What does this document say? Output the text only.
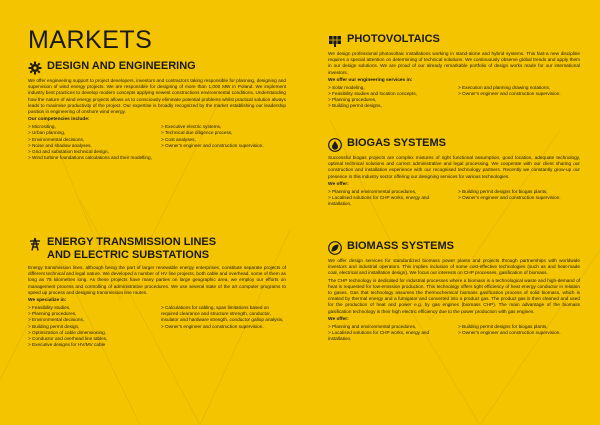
MARKETS
DESIGN AND ENGINEERING
We offer engineering support to project developers, investors and contractors taking responsible for planning, designing and supervision of wind energy projects. We are responsible for designing of more than 1,000 MW in Poland. We implement industry best practices to develop modern concepts applying newest constructions environmental conditions. Understanding how the nature of wind energy projects allows us to consciously eliminate potential problems whilst practical solution always leads to maximise productivity of the project. Our expertise is broadly recognized by the market establishing our leadership position in engineering of onshore wind energy.
Our competencies include:
> Micrositing,
> Urban planning,
> Environmental decisions,
> Noise and shadow analyses,
> Grid and substation technical design,
> Wind turbine foundations calculations and their modelling,
> Executive electric systems,
> Technical due diligence process,
> Cost analyses,
> Owner's engineer and construction supervision.
ENERGY TRANSMISSION LINES
AND ELECTRIC SUBSTATIONS
Energy transmission lines, although being the part of larger renewable energy enterprises, constitute separate projects of different technical and legal nature. We developed a number of HV line projects, both cable and overhead, some of them as long as 75 kilometres long. As these projects have many parties on large geographic area, we employ our efforts on management process and controlling of administrative procedures. We use several state of the art computer programs to speed up process and designing transmission line routes.
We specialize in:
> Feasibility studies,
> Planning procedures,
> Environmental decisions,
> Building permit design,
> Optimization of cable dimensioning,
> Conductor and overhead line tables,
> Executive designs for HV/MV cable
> Calculations for cabling, span limitations based on required clearance and structure strength, conductor, insulator and hardware strength, conductor gallop analysis,
> Owner's engineer and construction supervision.
PHOTOVOLTAICS
We design professional photovoltaic installations working in stand-alone and hybrid systems. This fast-a new discipline requires a special attention on determining of technical solutions. We continuously observe global trends and apply them in our design solutions. We are proud of our already remarkable portfolio of design works made for our international investors.
We offer our engineering services in:
> Solar modeling,
> Feasibility studies and location concepts,
> Planning procedures,
> Building permit designs,
> Execution and planning drawing notations,
> Owner's engineer and construction supervision.
BIOGAS SYSTEMS
Successful biogas projects are complex mixtures of right functional assumption, good location, adequate technology, optimal technical solutions and correct administrative and legal processing. We cooperate with our client sharing our construction and installation experience with our recognised technology partners. Recently we constantly grow-up our presence in this industry sector offering our designing services for various technologies.
We offer:
> Planning and environmental procedures,
> Localised solutions for CHP works, energy and installation,
> Building permit designs for biogas plants,
> Owner's engineer and construction supervision.
BIOMASS SYSTEMS
We offer design services for standardized biomass power plants and projects through partnerships with worldwide investors and industrial operators. This implies inclusion of some cost-effective technologies (such as and heat-made coal, electrical and installation design). We focus our interests on CHP processes, gasification of biomass.
The CHP technology is dedicated for industrial processes where a biomass is a technological waste and high-demand of heat is requested for low-emission production. This technology offers tight efficiency of heat energy conductor in relation to gases. Gas that technology assumes the thermochemical biomass gasification process of solid biomass, which is created by thermal energy and a fumigator and converted into a product gas. The product gas is then cleaned and used for the production of heat and power e.g. by gas engines (biomass CHP). The main advantage of the biomass gasification technology is their high electric efficiency due to the power production with gas engines.
We offer:
> Planning and environmental procedures,
> Localised solutions for CHP works, energy and installation,
> Building permit designs for biogas plants,
> Owner's engineer and construction supervision.
